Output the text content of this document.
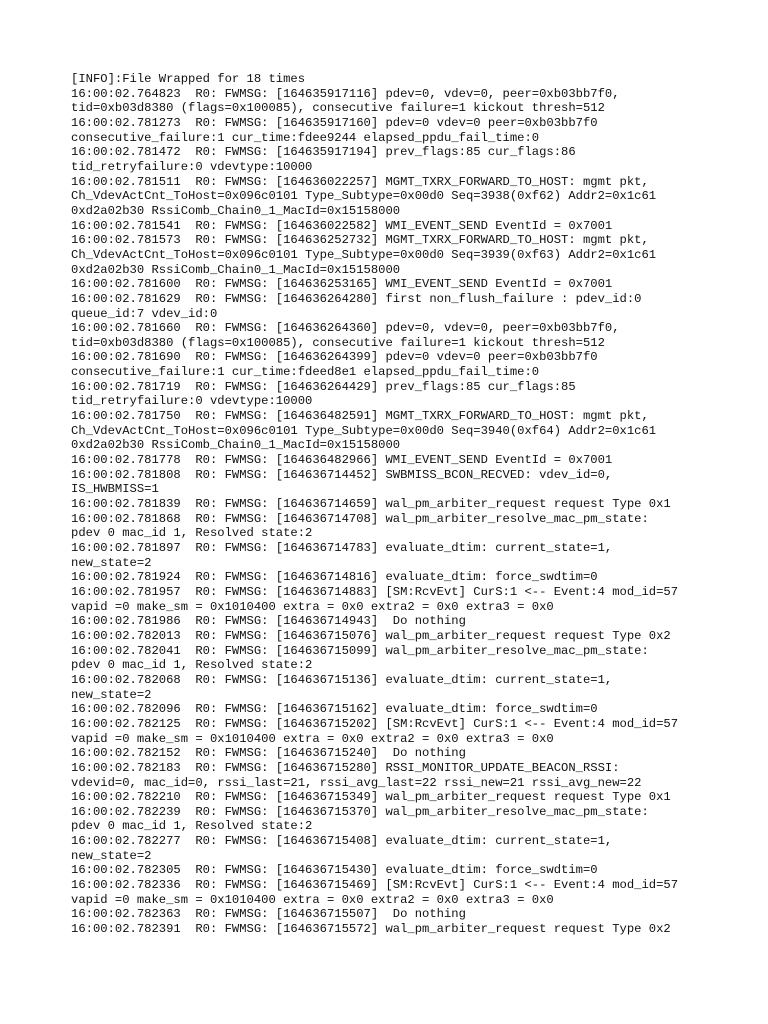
[INFO]:File Wrapped for 18 times
16:00:02.764823  R0: FWMSG: [164635917116] pdev=0, vdev=0, peer=0xb03bb7f0,
tid=0xb03d8380 (flags=0x100085), consecutive failure=1 kickout thresh=512
16:00:02.781273  R0: FWMSG: [164635917160] pdev=0 vdev=0 peer=0xb03bb7f0
consecutive_failure:1 cur_time:fdee9244 elapsed_ppdu_fail_time:0
16:00:02.781472  R0: FWMSG: [164635917194] prev_flags:85 cur_flags:86
tid_retryfailure:0 vdevtype:10000
16:00:02.781511  R0: FWMSG: [164636022257] MGMT_TXRX_FORWARD_TO_HOST: mgmt pkt,
Ch_VdevActCnt_ToHost=0x096c0101 Type_Subtype=0x00d0 Seq=3938(0xf62) Addr2=0x1c61
0xd2a02b30 RssiComb_Chain0_1_MacId=0x15158000
16:00:02.781541  R0: FWMSG: [164636022582] WMI_EVENT_SEND EventId = 0x7001
16:00:02.781573  R0: FWMSG: [164636252732] MGMT_TXRX_FORWARD_TO_HOST: mgmt pkt,
Ch_VdevActCnt_ToHost=0x096c0101 Type_Subtype=0x00d0 Seq=3939(0xf63) Addr2=0x1c61
0xd2a02b30 RssiComb_Chain0_1_MacId=0x15158000
16:00:02.781600  R0: FWMSG: [164636253165] WMI_EVENT_SEND EventId = 0x7001
16:00:02.781629  R0: FWMSG: [164636264280] first non_flush_failure : pdev_id:0
queue_id:7 vdev_id:0
16:00:02.781660  R0: FWMSG: [164636264360] pdev=0, vdev=0, peer=0xb03bb7f0,
tid=0xb03d8380 (flags=0x100085), consecutive failure=1 kickout thresh=512
16:00:02.781690  R0: FWMSG: [164636264399] pdev=0 vdev=0 peer=0xb03bb7f0
consecutive_failure:1 cur_time:fdeed8e1 elapsed_ppdu_fail_time:0
16:00:02.781719  R0: FWMSG: [164636264429] prev_flags:85 cur_flags:85
tid_retryfailure:0 vdevtype:10000
16:00:02.781750  R0: FWMSG: [164636482591] MGMT_TXRX_FORWARD_TO_HOST: mgmt pkt,
Ch_VdevActCnt_ToHost=0x096c0101 Type_Subtype=0x00d0 Seq=3940(0xf64) Addr2=0x1c61
0xd2a02b30 RssiComb_Chain0_1_MacId=0x15158000
16:00:02.781778  R0: FWMSG: [164636482966] WMI_EVENT_SEND EventId = 0x7001
16:00:02.781808  R0: FWMSG: [164636714452] SWBMISS_BCON_RECVED: vdev_id=0,
IS_HWBMISS=1
16:00:02.781839  R0: FWMSG: [164636714659] wal_pm_arbiter_request request Type 0x1
16:00:02.781868  R0: FWMSG: [164636714708] wal_pm_arbiter_resolve_mac_pm_state:
pdev 0 mac_id 1, Resolved state:2
16:00:02.781897  R0: FWMSG: [164636714783] evaluate_dtim: current_state=1,
new_state=2
16:00:02.781924  R0: FWMSG: [164636714816] evaluate_dtim: force_swdtim=0
16:00:02.781957  R0: FWMSG: [164636714883] [SM:RcvEvt] CurS:1 <-- Event:4 mod_id=57
vapid =0 make_sm = 0x1010400 extra = 0x0 extra2 = 0x0 extra3 = 0x0
16:00:02.781986  R0: FWMSG: [164636714943]  Do nothing
16:00:02.782013  R0: FWMSG: [164636715076] wal_pm_arbiter_request request Type 0x2
16:00:02.782041  R0: FWMSG: [164636715099] wal_pm_arbiter_resolve_mac_pm_state:
pdev 0 mac_id 1, Resolved state:2
16:00:02.782068  R0: FWMSG: [164636715136] evaluate_dtim: current_state=1,
new_state=2
16:00:02.782096  R0: FWMSG: [164636715162] evaluate_dtim: force_swdtim=0
16:00:02.782125  R0: FWMSG: [164636715202] [SM:RcvEvt] CurS:1 <-- Event:4 mod_id=57
vapid =0 make_sm = 0x1010400 extra = 0x0 extra2 = 0x0 extra3 = 0x0
16:00:02.782152  R0: FWMSG: [164636715240]  Do nothing
16:00:02.782183  R0: FWMSG: [164636715280] RSSI_MONITOR_UPDATE_BEACON_RSSI:
vdevid=0, mac_id=0, rssi_last=21, rssi_avg_last=22 rssi_new=21 rssi_avg_new=22
16:00:02.782210  R0: FWMSG: [164636715349] wal_pm_arbiter_request request Type 0x1
16:00:02.782239  R0: FWMSG: [164636715370] wal_pm_arbiter_resolve_mac_pm_state:
pdev 0 mac_id 1, Resolved state:2
16:00:02.782277  R0: FWMSG: [164636715408] evaluate_dtim: current_state=1,
new_state=2
16:00:02.782305  R0: FWMSG: [164636715430] evaluate_dtim: force_swdtim=0
16:00:02.782336  R0: FWMSG: [164636715469] [SM:RcvEvt] CurS:1 <-- Event:4 mod_id=57
vapid =0 make_sm = 0x1010400 extra = 0x0 extra2 = 0x0 extra3 = 0x0
16:00:02.782363  R0: FWMSG: [164636715507]  Do nothing
16:00:02.782391  R0: FWMSG: [164636715572] wal_pm_arbiter_request request Type 0x2
